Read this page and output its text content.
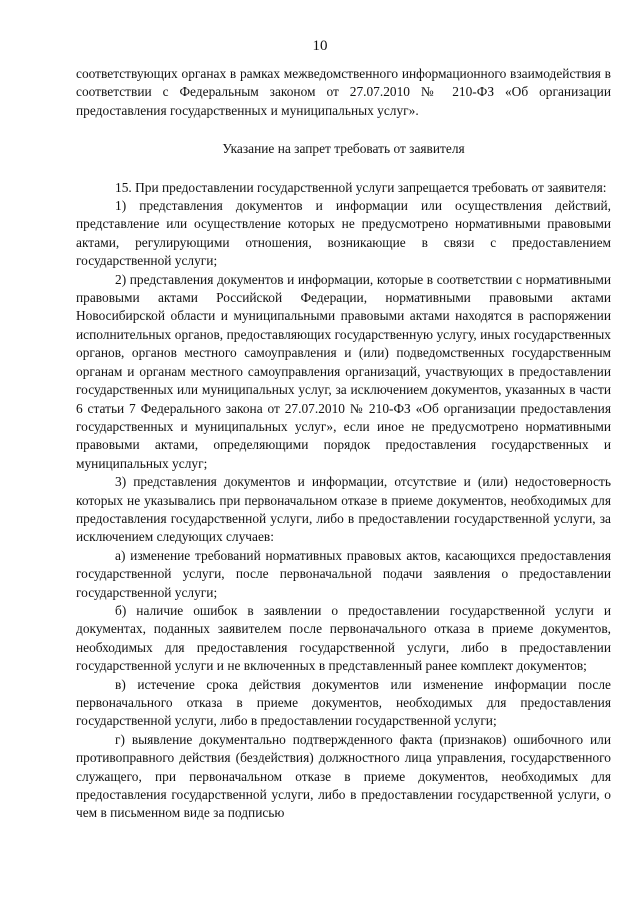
10

соответствующих органах в рамках межведомственного информационного взаимодействия в соответствии с Федеральным законом от 27.07.2010 № 210-ФЗ «Об организации предоставления государственных и муниципальных услуг».

Указание на запрет требовать от заявителя

15. При предоставлении государственной услуги запрещается требовать от заявителя:

1) представления документов и информации или осуществления действий, представление или осуществление которых не предусмотрено нормативными правовыми актами, регулирующими отношения, возникающие в связи с предоставлением государственной услуги;

2) представления документов и информации, которые в соответствии с нормативными правовыми актами Российской Федерации, нормативными правовыми актами Новосибирской области и муниципальными правовыми актами находятся в распоряжении исполнительных органов, предоставляющих государственную услугу, иных государственных органов, органов местного самоуправления и (или) подведомственных государственным органам и органам местного самоуправления организаций, участвующих в предоставлении государственных или муниципальных услуг, за исключением документов, указанных в части 6 статьи 7 Федерального закона от 27.07.2010 № 210-ФЗ «Об организации предоставления государственных и муниципальных услуг», если иное не предусмотрено нормативными правовыми актами, определяющими порядок предоставления государственных и муниципальных услуг;

3) представления документов и информации, отсутствие и (или) недостоверность которых не указывались при первоначальном отказе в приеме документов, необходимых для предоставления государственной услуги, либо в предоставлении государственной услуги, за исключением следующих случаев:

а) изменение требований нормативных правовых актов, касающихся предоставления государственной услуги, после первоначальной подачи заявления о предоставлении государственной услуги;

б) наличие ошибок в заявлении о предоставлении государственной услуги и документах, поданных заявителем после первоначального отказа в приеме документов, необходимых для предоставления государственной услуги, либо в предоставлении государственной услуги и не включенных в представленный ранее комплект документов;

в) истечение срока действия документов или изменение информации после первоначального отказа в приеме документов, необходимых для предоставления государственной услуги, либо в предоставлении государственной услуги;

г) выявление документально подтвержденного факта (признаков) ошибочного или противоправного действия (бездействия) должностного лица управления, государственного служащего, при первоначальном отказе в приеме документов, необходимых для предоставления государственной услуги, либо в предоставлении государственной услуги, о чем в письменном виде за подписью
